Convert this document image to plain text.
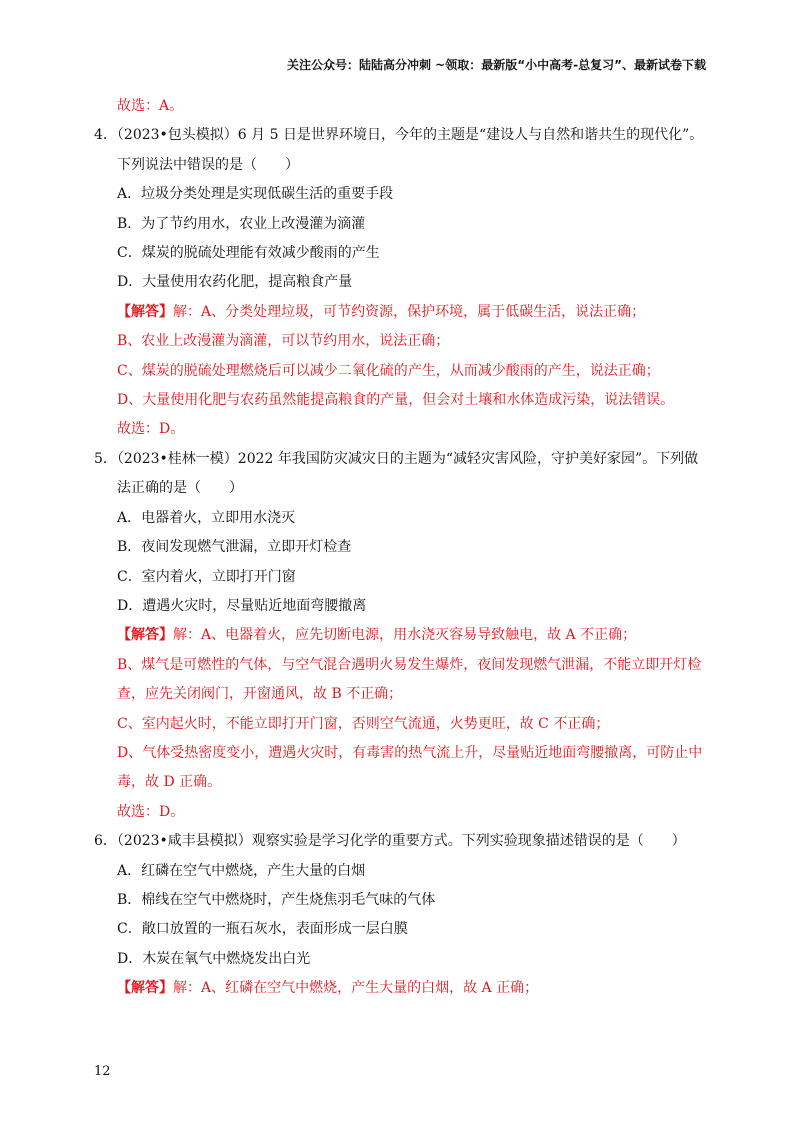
关注公众号：陆陆高分冲刺 ~领取：最新版“小中高考-总复习”、最新试卷下载
故选：A。
4．（2023•包头模拟）6 月 5 日是世界环境日，今年的主题是“建设人与自然和谐共生的现代化”。
下列说法中错误的是（　　）
A．垃圾分类处理是实现低碳生活的重要手段
B．为了节约用水，农业上改漫灌为滴灌
C．煤炭的脱硫处理能有效减少酸雨的产生
D．大量使用农药化肥，提高粮食产量
【解答】解：A、分类处理垃圾，可节约资源，保护环境，属于低碳生活，说法正确；
B、农业上改漫灌为滴灌，可以节约用水，说法正确；
C、煤炭的脱硫处理燃烧后可以减少二氧化硫的产生，从而减少酸雨的产生，说法正确；
D、大量使用化肥与农药虽然能提高粮食的产量，但会对土壤和水体造成污染，说法错误。
故选：D。
5．（2023•桂林一模）2022 年我国防灾减灾日的主题为“减轻灾害风险，守护美好家园”。下列做
法正确的是（　　）
A．电器着火，立即用水浇灭
B．夜间发现燃气泄漏，立即开灯检查
C．室内着火，立即打开门窗
D．遭遇火灾时，尽量贴近地面弯腰撤离
【解答】解：A、电器着火，应先切断电源，用水浇灭容易导致触电，故 A 不正确；
B、煤气是可燃性的气体，与空气混合遇明火易发生爆炸，夜间发现燃气泄漏，不能立即开灯检
查，应先关闭阀门，开窗通风，故 B 不正确；
C、室内起火时，不能立即打开门窗，否则空气流通，火势更旺，故 C 不正确；
D、气体受热密度变小，遭遇火灾时，有毒害的热气流上升，尽量贴近地面弯腰撤离，可防止中
毒，故 D 正确。
故选：D。
6．（2023•咸丰县模拟）观察实验是学习化学的重要方式。下列实验现象描述错误的是（　　）
A．红磷在空气中燃烧，产生大量的白烟
B．棉线在空气中燃烧时，产生烧焦羽毛气味的气体
C．敞口放置的一瓶石灰水，表面形成一层白膜
D．木炭在氧气中燃烧发出白光
【解答】解：A、红磷在空气中燃烧，产生大量的白烟，故 A 正确；
12
